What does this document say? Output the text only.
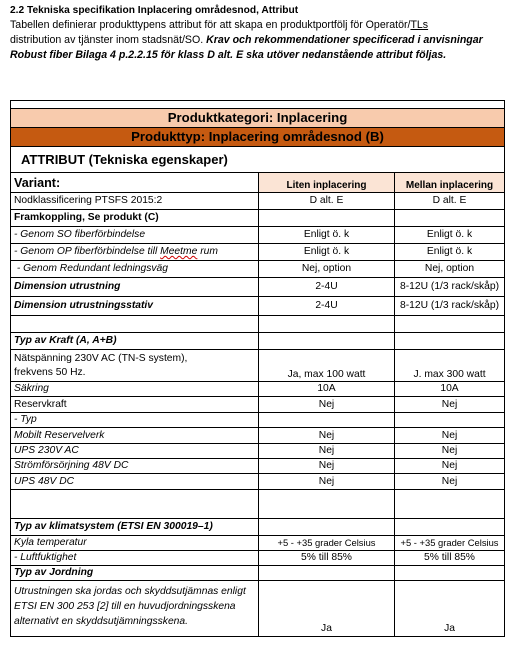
2.2 Tekniska specifikation Inplacering områdesnod, Attribut
Tabellen definierar produkttypens attribut för att skapa en produktportfölj för Operatör/TLs
distribution av tjänster inom stadsnät/SO. Krav och rekommendationer specificerad i anvisningar
Robust fiber Bilaga 4 p.2.2.15 för klass D alt. E ska utöver nedanstående attribut följas.

Produktkategori: Inplacering		
Produkttyp: Inplacering områdesnod (B)		
ATTRIBUT (Tekniska egenskaper)		
Variant:	Liten inplacering	Mellan inplacering
Nodklassificering PTSFS 2015:2	D alt. E	D alt. E
Framkoppling, Se produkt (C)		
- Genom SO fiberförbindelse	Enligt ö. k	Enligt ö. k
- Genom OP fiberförbindelse till Meetme rum	Enligt ö. k	Enligt ö. k
- Genom Redundant ledningsväg	Nej, option	Nej, option
Dimension utrustning	2-4U	8-12U (1/3 rack/skåp)
Dimension utrustningsstativ	2-4U	8-12U (1/3 rack/skåp)

Typ av Kraft (A, A+B)		

Nätspänning 230V AC (TN-S system),
frekvens 50 Hz.	Ja, max 100 watt	J. max 300 watt
Säkring	10A	10A
Reservkraft	Nej	Nej
- Typ		
Mobilt Reservelverk	Nej	Nej
UPS 230V AC	Nej	Nej
Strömförsörjning 48V DC	Nej	Nej
UPS 48V DC	Nej	Nej

Typ av klimatsystem (ETSI EN 300019–1)		
Kyla temperatur	+5 - +35 grader Celsius	+5 - +35 grader Celsius
- Luftfuktighet	5% till 85%	5% till 85%
Typ av Jordning		

Utrustningen ska jordas och skyddsutjämnas enligt
ETSI EN 300 253 [2] till en huvudjordningsskena
alternativt en skyddsutjämningsskena.	Ja	Ja
